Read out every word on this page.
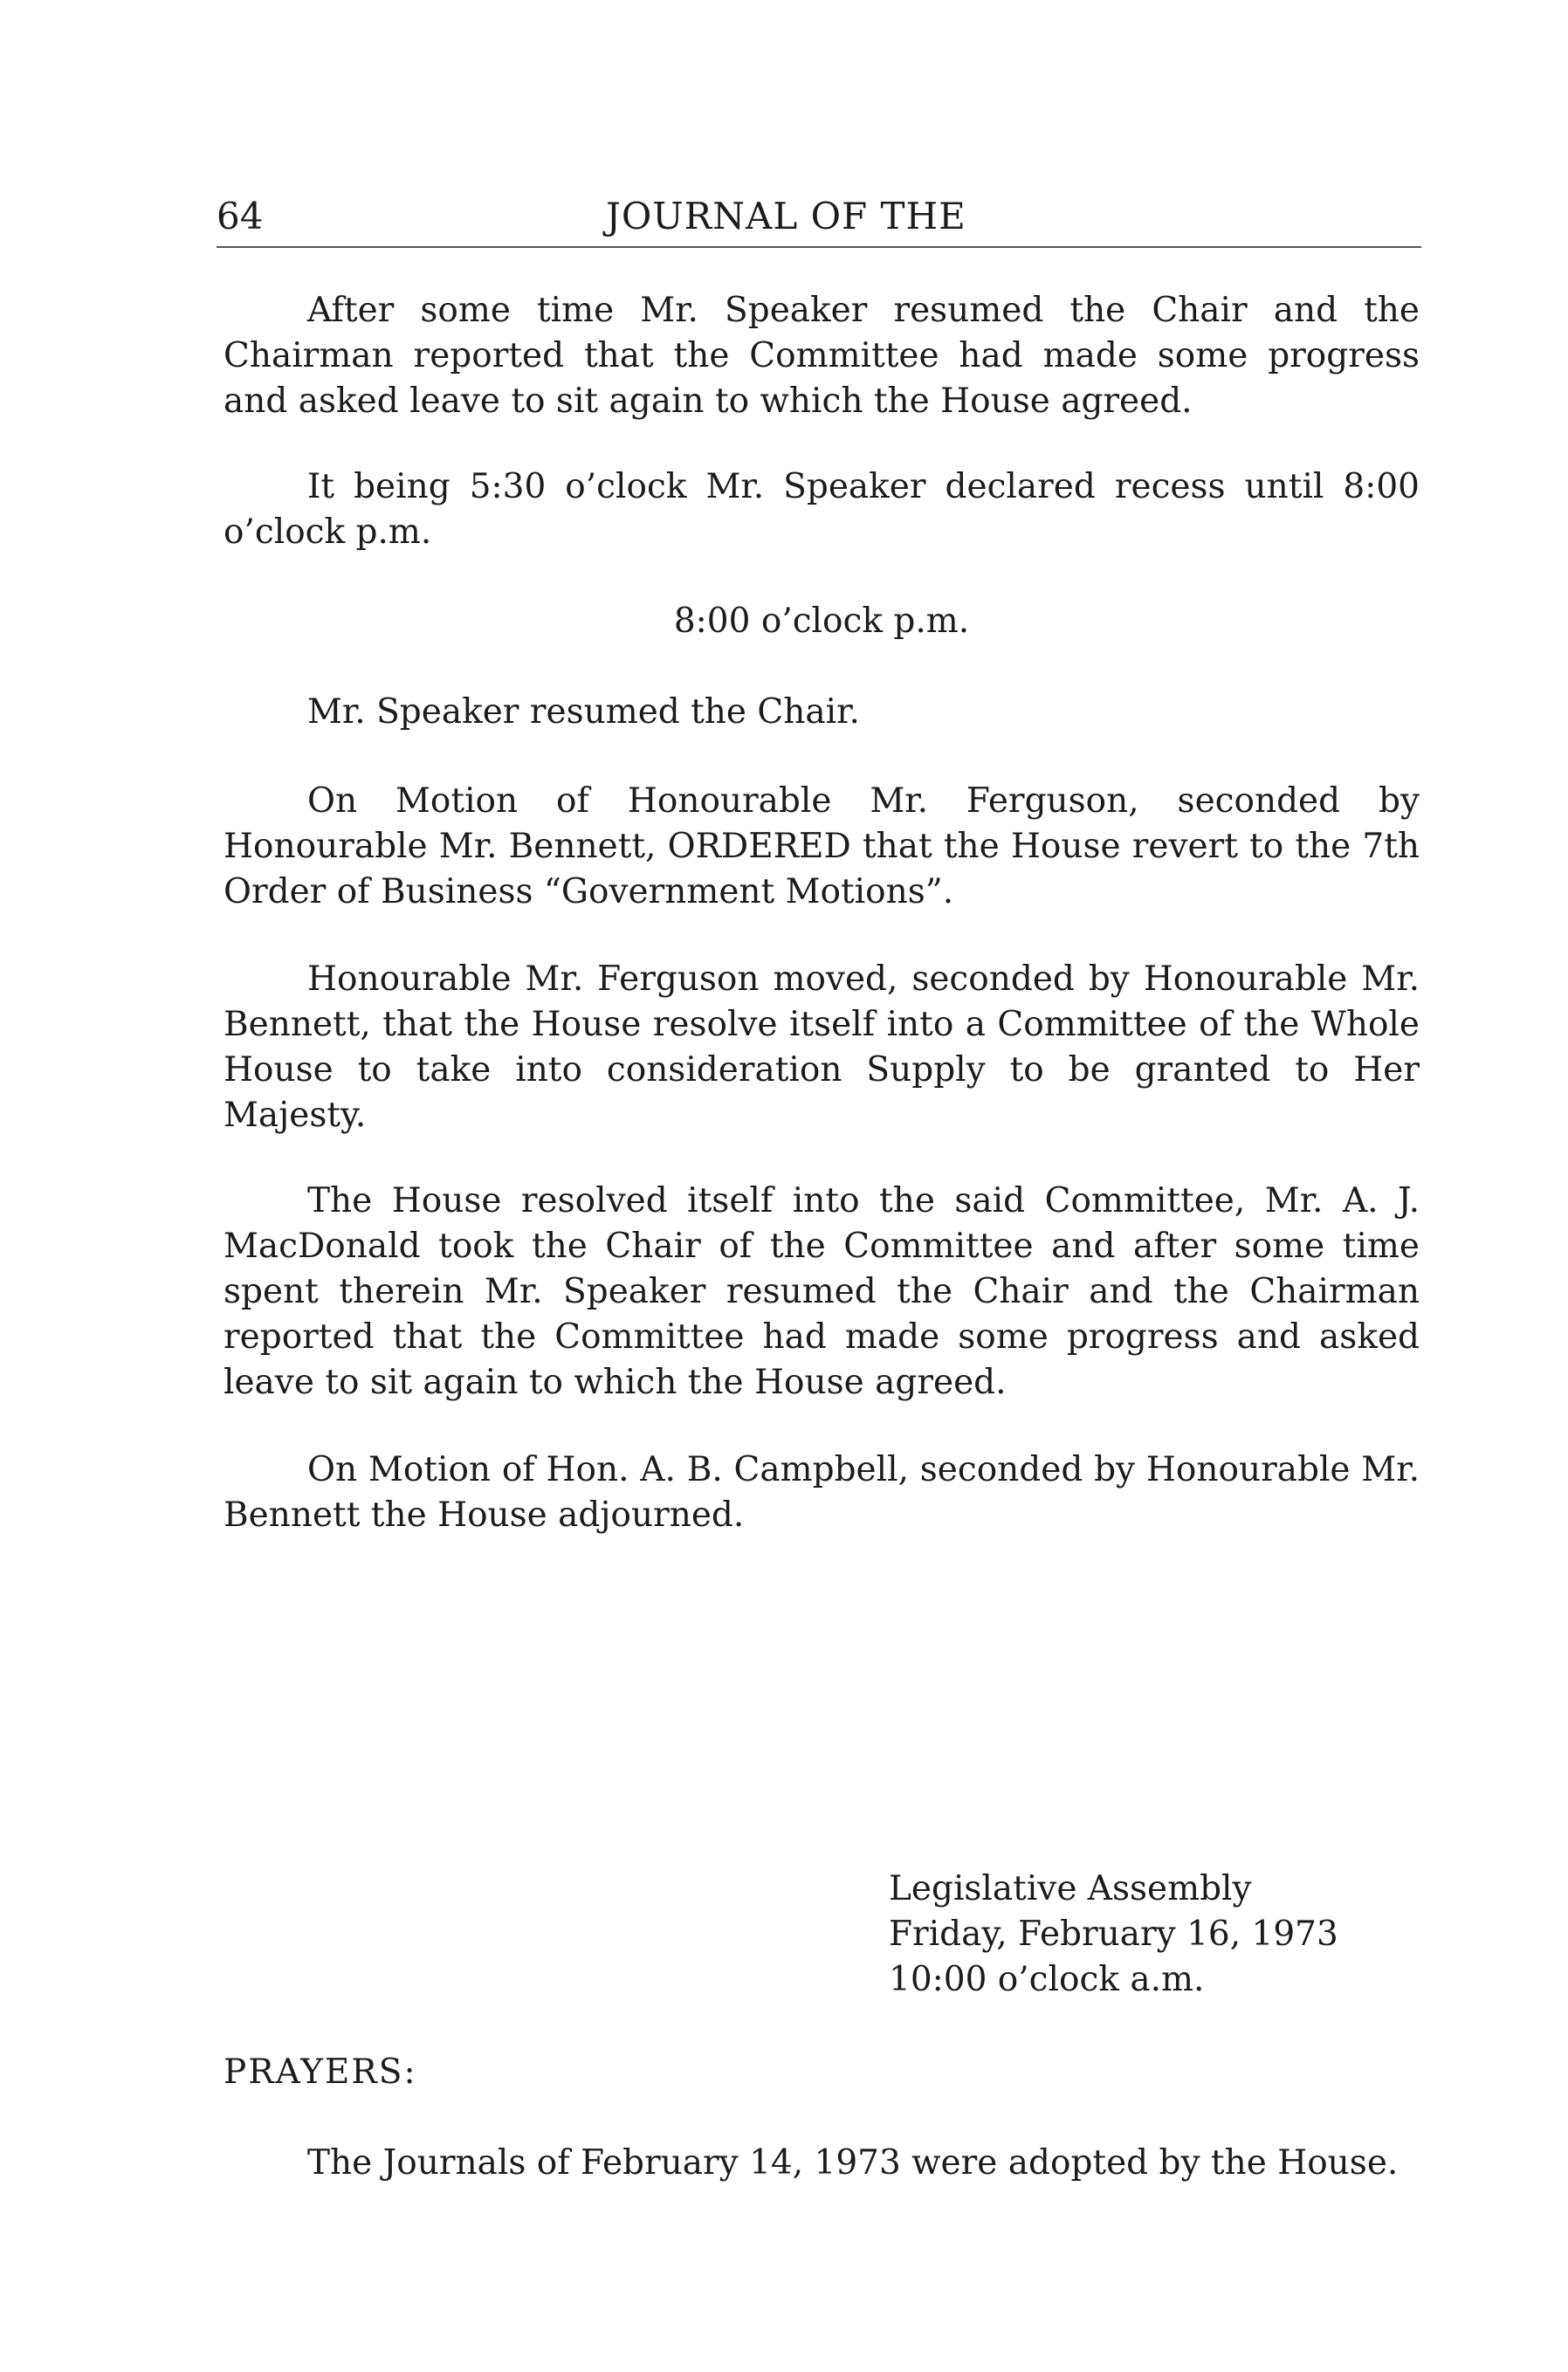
64	JOURNAL OF THE

After some time Mr. Speaker resumed the Chair and the Chairman reported that the Committee had made some progress and asked leave to sit again to which the House agreed.

It being 5:30 o’clock Mr. Speaker declared recess until 8:00 o’clock p.m.

8:00 o’clock p.m.
Mr. Speaker resumed the Chair.

On Motion of Honourable Mr. Ferguson, seconded by Honourable Mr. Bennett, ORDERED that the House revert to the 7th Order of Business “Government Motions”.

Honourable Mr. Ferguson moved, seconded by Honourable Mr. Bennett, that the House resolve itself into a Committee of the Whole House to take into consideration Supply to be granted to Her Majesty.

The House resolved itself into the said Committee, Mr. A. J. MacDonald took the Chair of the Committee and after some time spent therein Mr. Speaker resumed the Chair and the Chairman reported that the Committee had made some progress and asked leave to sit again to which the House agreed.

On Motion of Hon. A. B. Campbell, seconded by Honourable Mr. Bennett the House adjourned.

Legislative Assembly
Friday, February 16, 1973
10:00 o’clock a.m.
PRAYERS:
The Journals of February 14, 1973 were adopted by the House.
